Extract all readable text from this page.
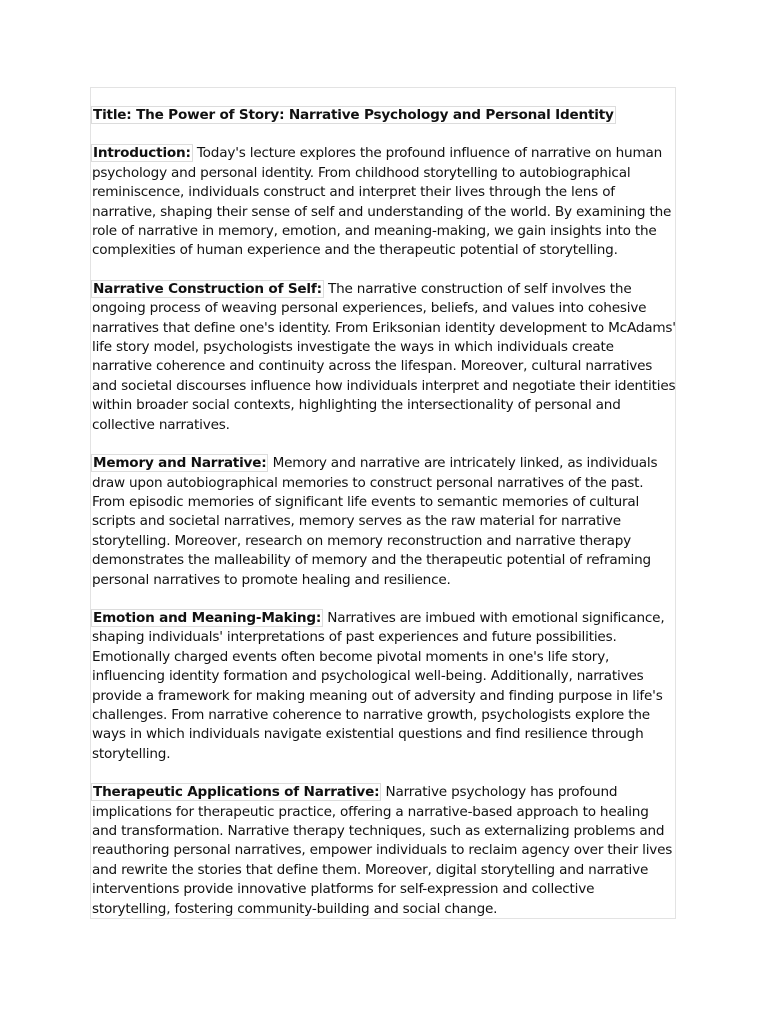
Title: The Power of Story: Narrative Psychology and Personal Identity

Introduction: Today's lecture explores the profound influence of narrative on human psychology and personal identity. From childhood storytelling to autobiographical reminiscence, individuals construct and interpret their lives through the lens of narrative, shaping their sense of self and understanding of the world. By examining the role of narrative in memory, emotion, and meaning-making, we gain insights into the complexities of human experience and the therapeutic potential of storytelling.

Narrative Construction of Self: The narrative construction of self involves the ongoing process of weaving personal experiences, beliefs, and values into cohesive narratives that define one's identity. From Eriksonian identity development to McAdams' life story model, psychologists investigate the ways in which individuals create narrative coherence and continuity across the lifespan. Moreover, cultural narratives and societal discourses influence how individuals interpret and negotiate their identities within broader social contexts, highlighting the intersectionality of personal and collective narratives.

Memory and Narrative: Memory and narrative are intricately linked, as individuals draw upon autobiographical memories to construct personal narratives of the past. From episodic memories of significant life events to semantic memories of cultural scripts and societal narratives, memory serves as the raw material for narrative storytelling. Moreover, research on memory reconstruction and narrative therapy demonstrates the malleability of memory and the therapeutic potential of reframing personal narratives to promote healing and resilience.

Emotion and Meaning-Making: Narratives are imbued with emotional significance, shaping individuals' interpretations of past experiences and future possibilities. Emotionally charged events often become pivotal moments in one's life story, influencing identity formation and psychological well-being. Additionally, narratives provide a framework for making meaning out of adversity and finding purpose in life's challenges. From narrative coherence to narrative growth, psychologists explore the ways in which individuals navigate existential questions and find resilience through storytelling.

Therapeutic Applications of Narrative: Narrative psychology has profound implications for therapeutic practice, offering a narrative-based approach to healing and transformation. Narrative therapy techniques, such as externalizing problems and reauthoring personal narratives, empower individuals to reclaim agency over their lives and rewrite the stories that define them. Moreover, digital storytelling and narrative interventions provide innovative platforms for self-expression and collective storytelling, fostering community-building and social change.
